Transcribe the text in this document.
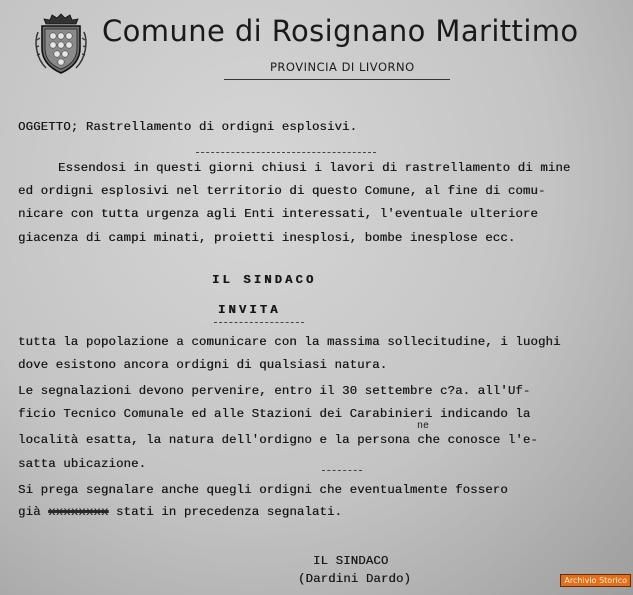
Comune di Rosignano Marittimo
PROVINCIA DI LIVORNO
OGGETTO; Rastrellamento di ordigni esplosivi.
Essendosi in questi giorni chiusi i lavori di rastrellamento di mine
ed ordigni esplosivi nel territorio di questo Comune, al fine di comu-
nicare con tutta urgenza agli Enti interessati, l'eventuale ulteriore
giacenza di campi minati, proietti inesplosi, bombe inesplose ecc.
IL SINDACO
INVITA
tutta la popolazione a comunicare con la massima sollecitudine, i luoghi
dove esistono ancora ordigni di qualsiasi natura.
Le segnalazioni devono pervenire, entro il 30 settembre c?a. all'Uf-
ficio Tecnico Comunale ed alle Stazioni dei Carabinieri indicando la
ne
località esatta, la natura dell'ordigno e la persona che conosce l'e-
satta ubicazione.
Si prega segnalare anche quegli ordigni che eventualmente fossero
già xxxxxxxx stati in precedenza segnalati.
IL SINDACO
(Dardini Dardo)	Archivio Storico
